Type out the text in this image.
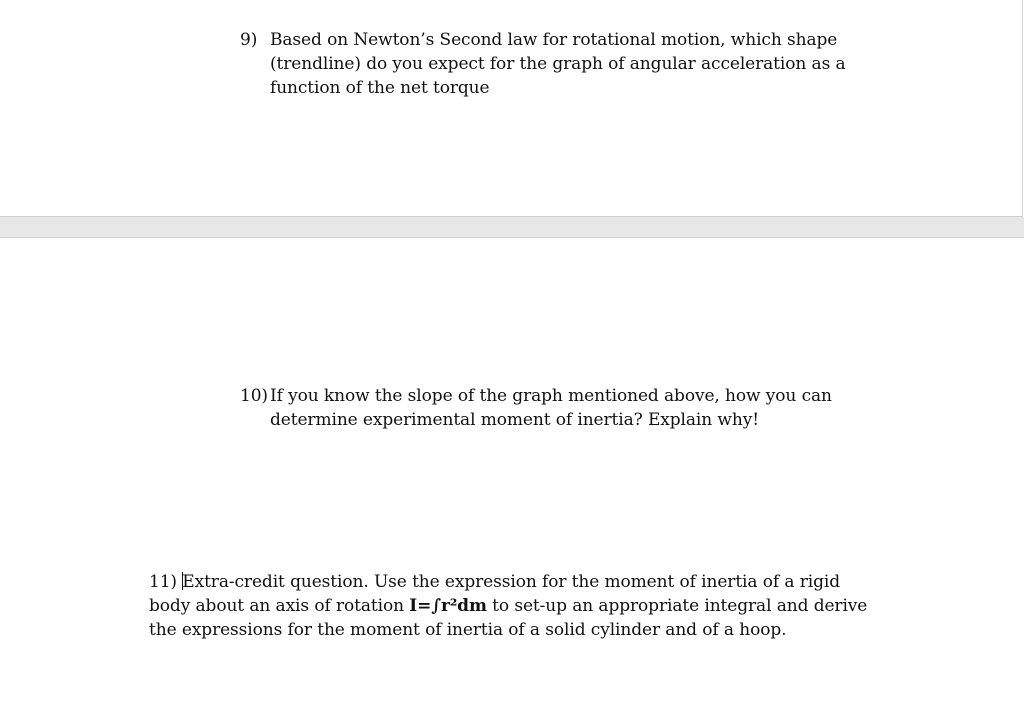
9) Based on Newton’s Second law for rotational motion, which shape
(trendline) do you expect for the graph of angular acceleration as a
function of the net torque
10) If you know the slope of the graph mentioned above, how you can
determine experimental moment of inertia? Explain why!
11) Extra-credit question. Use the expression for the moment of inertia of a rigid
body about an axis of rotation I=∫r²dm to set-up an appropriate integral and derive
the expressions for the moment of inertia of a solid cylinder and of a hoop.
